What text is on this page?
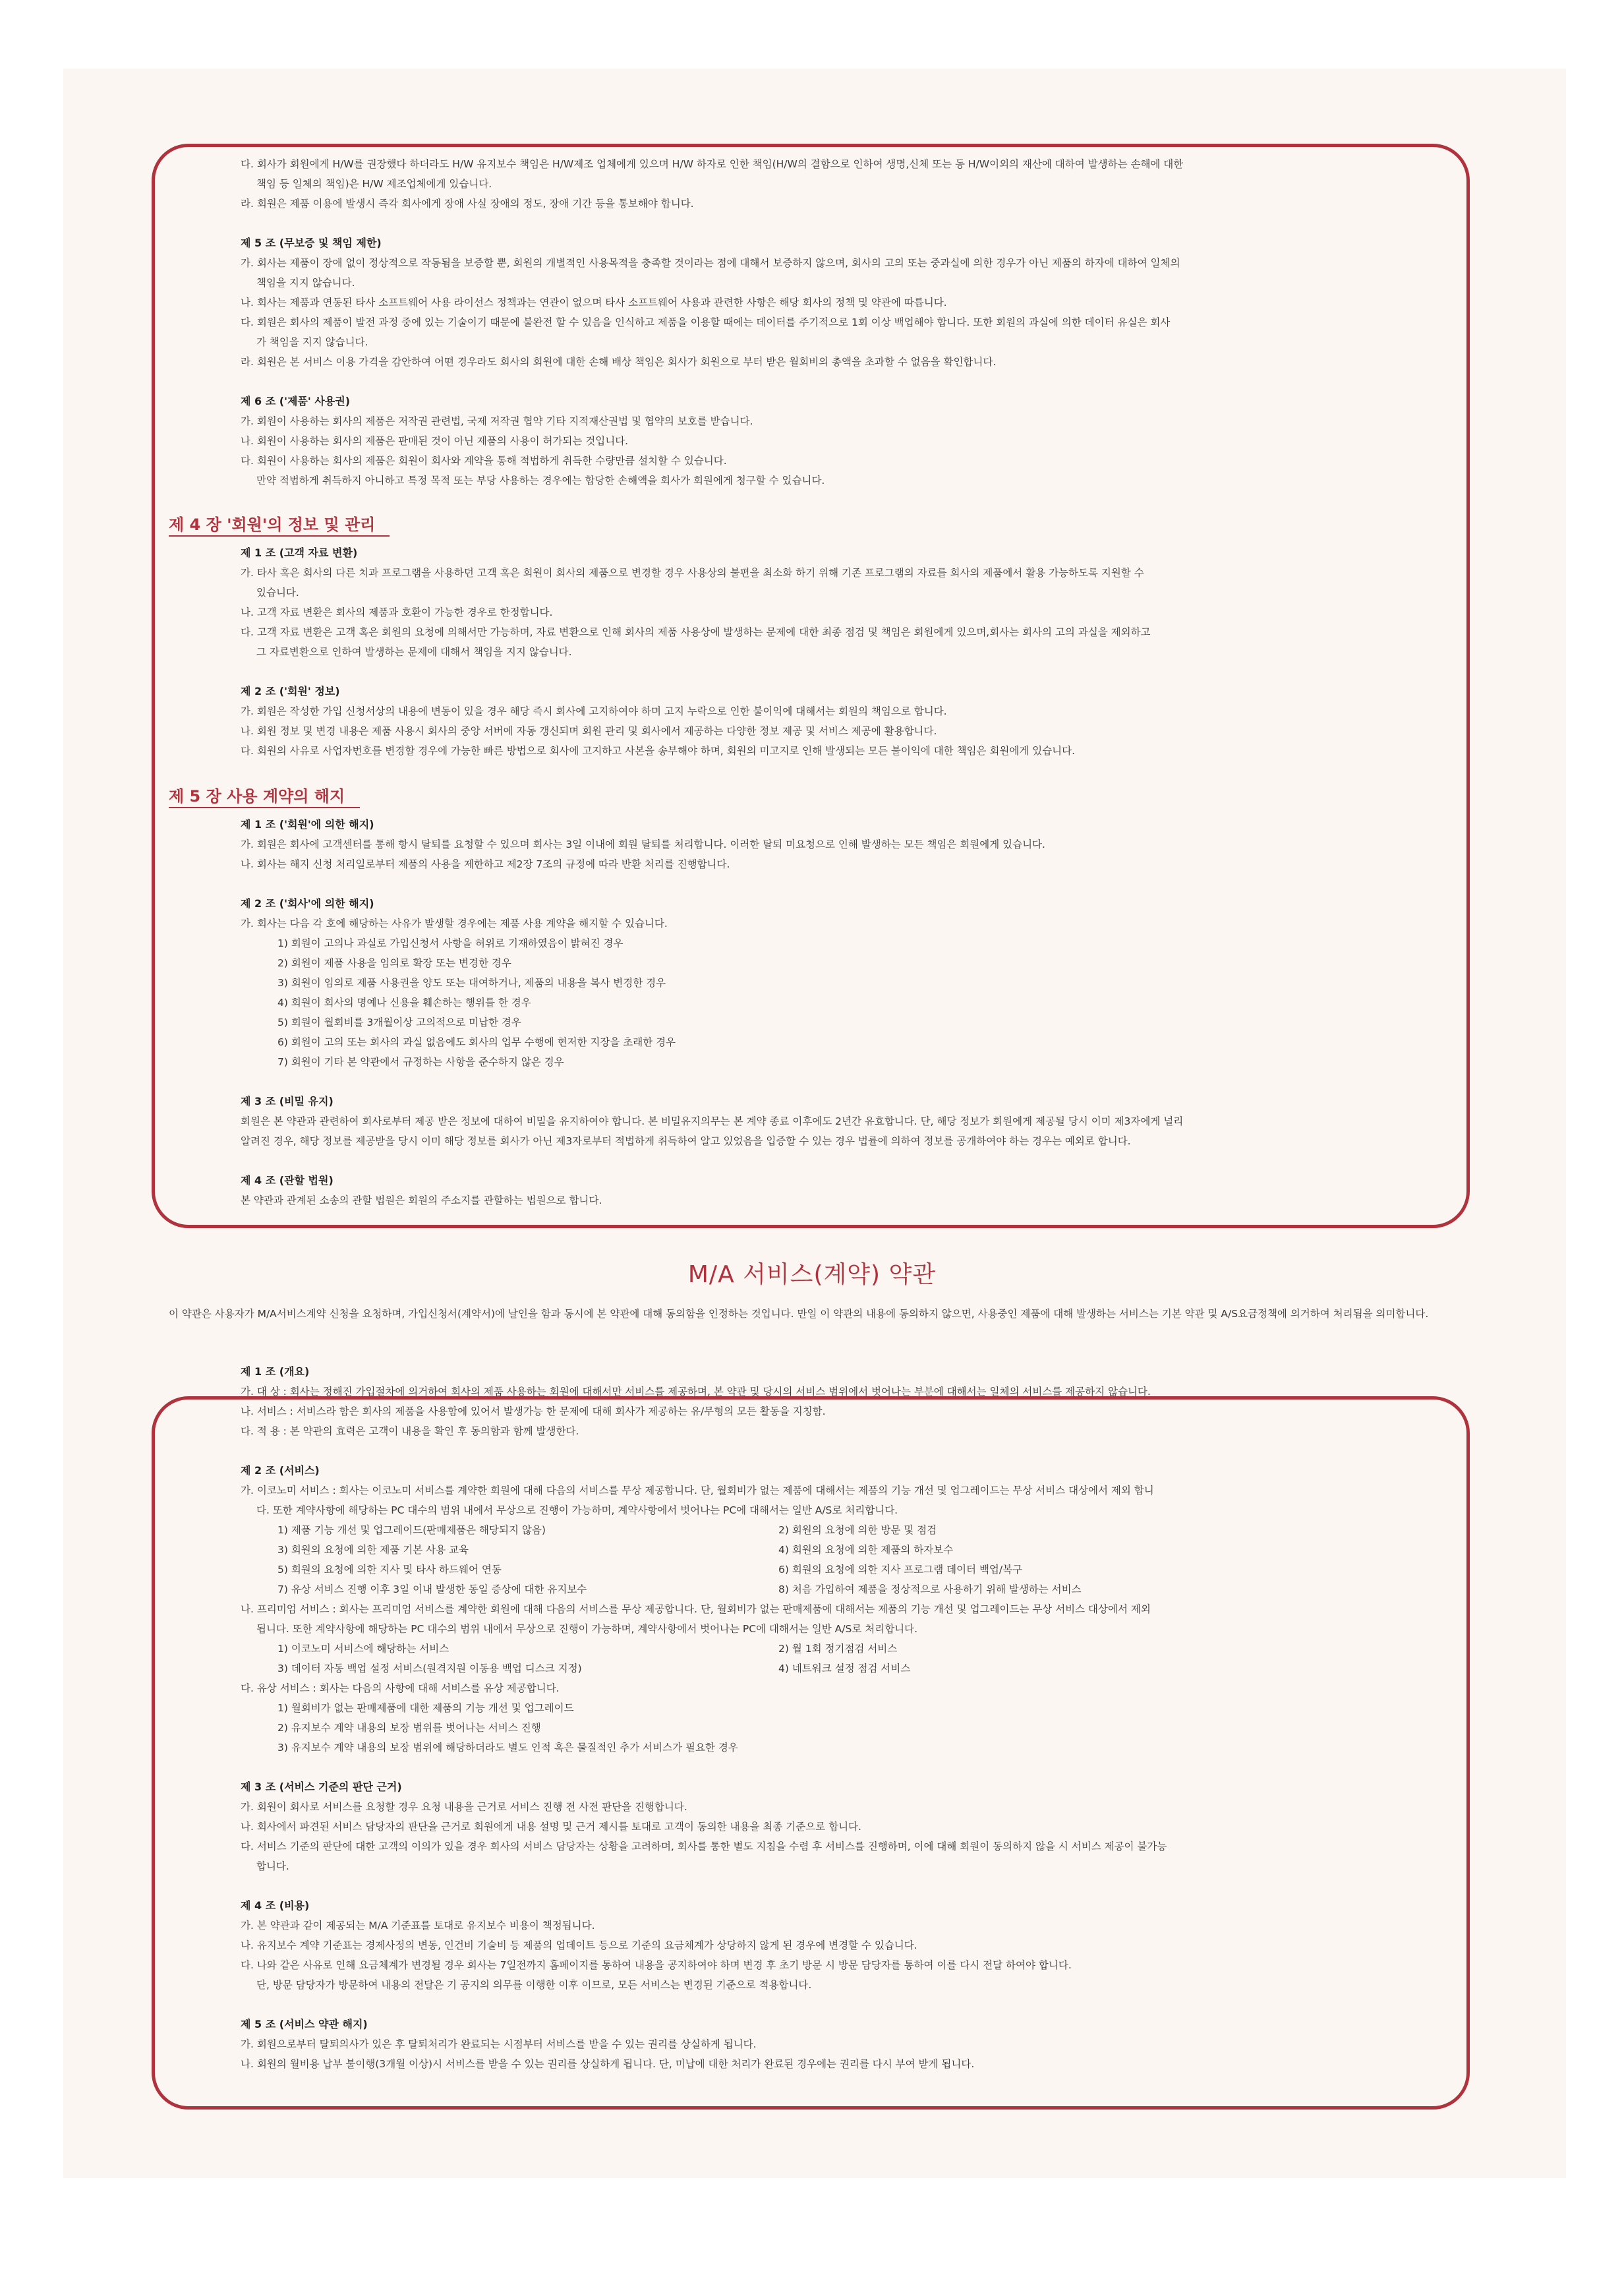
다. 회사가 회원에게 H/W를 권장했다 하더라도 H/W 유지보수 책임은 H/W제조 업체에게 있으며 H/W 하자로 인한 책임(H/W의 결함으로 인하여 생명,신체 또는 동 H/W이외의 재산에 대하여 발생하는 손해에 대한

책임 등 일체의 책임)은 H/W 제조업체에게 있습니다.

라. 회원은 제품 이용에 발생시 즉각 회사에게 장애 사실 장애의 정도, 장애 기간 등을 통보해야 합니다.

제 5 조 (무보증 및 책임 제한)

가. 회사는 제품이 장애 없이 정상적으로 작동됨을 보증할 뿐, 회원의 개별적인 사용목적을 충족할 것이라는 점에 대해서 보증하지 않으며, 회사의 고의 또는 중과실에 의한 경우가 아닌 제품의 하자에 대하여 일체의

책임을 지지 않습니다.

나. 회사는 제품과 연동된 타사 소프트웨어 사용 라이선스 정책과는 연관이 없으며 타사 소프트웨어 사용과 관련한 사항은 해당 회사의 정책 및 약관에 따릅니다.

다. 회원은 회사의 제품이 발전 과정 중에 있는 기술이기 때문에 불완전 할 수 있음을 인식하고 제품을 이용할 때에는 데이터를 주기적으로 1회 이상 백업해야 합니다. 또한 회원의 과실에 의한 데이터 유실은 회사

가 책임을 지지 않습니다.

라. 회원은 본 서비스 이용 가격을 감안하여 어떤 경우라도 회사의 회원에 대한 손해 배상 책임은 회사가 회원으로 부터 받은 월회비의 총액을 초과할 수 없음을 확인합니다.

제 6 조 ('제품' 사용권)

가. 회원이 사용하는 회사의 제품은 저작권 관련법, 국제 저작권 협약 기타 지적재산권법 및 협약의 보호를 받습니다.

나. 회원이 사용하는 회사의 제품은 판매된 것이 아닌 제품의 사용이 허가되는 것입니다.

다. 회원이 사용하는 회사의 제품은 회원이 회사와 계약을 통해 적법하게 취득한 수량만큼 설치할 수 있습니다.

만약 적법하게 취득하지 아니하고 특정 목적 또는 부당 사용하는 경우에는 합당한 손해액을 회사가 회원에게 청구할 수 있습니다.

제 4 장 '회원'의 정보 및 관리

제 1 조 (고객 자료 변환)

가. 타사 혹은 회사의 다른 치과 프로그램을 사용하던 고객 혹은 회원이 회사의 제품으로 변경할 경우 사용상의 불편을 최소화 하기 위해 기존 프로그램의 자료를 회사의 제품에서 활용 가능하도록 지원할 수

있습니다.

나. 고객 자료 변환은 회사의 제품과 호환이 가능한 경우로 한정합니다.

다. 고객 자료 변환은 고객 혹은 회원의 요청에 의해서만 가능하며, 자료 변환으로 인해 회사의 제품 사용상에 발생하는 문제에 대한 최종 점검 및 책임은 회원에게 있으며,회사는 회사의 고의 과실을 제외하고

그 자료변환으로 인하여 발생하는 문제에 대해서 책임을 지지 않습니다.

제 2 조 ('회원' 정보)

가. 회원은 작성한 가입 신청서상의 내용에 변동이 있을 경우 해당 즉시 회사에 고지하여야 하며 고지 누락으로 인한 불이익에 대해서는 회원의 책임으로 합니다.

나. 회원 정보 및 변경 내용은 제품 사용시 회사의 중앙 서버에 자동 갱신되며 회원 관리 및 회사에서 제공하는 다양한 정보 제공 및 서비스 제공에 활용합니다.

다. 회원의 사유로 사업자번호를 변경할 경우에 가능한 빠른 방법으로 회사에 고지하고 사본을 송부해야 하며, 회원의 미고지로 인해 발생되는 모든 불이익에 대한 책임은 회원에게 있습니다.

제 5 장 사용 계약의 해지

제 1 조 ('회원'에 의한 해지)

가. 회원은 회사에 고객센터를 통해 항시 탈퇴를 요청할 수 있으며 회사는 3일 이내에 회원 탈퇴를 처리합니다. 이러한 탈퇴 미요청으로 인해 발생하는 모든 책임은 회원에게 있습니다.

나. 회사는 해지 신청 처리일로부터 제품의 사용을 제한하고 제2장 7조의 규정에 따라 반환 처리를 진행합니다.

제 2 조 ('회사'에 의한 해지)

가. 회사는 다음 각 호에 해당하는 사유가 발생할 경우에는 제품 사용 계약을 해지할 수 있습니다.

1) 회원이 고의나 과실로 가입신청서 사항을 허위로 기재하였음이 밝혀진 경우

2) 회원이 제품 사용을 임의로 확장 또는 변경한 경우

3) 회원이 임의로 제품 사용권을 양도 또는 대여하거나, 제품의 내용을 복사 변경한 경우

4) 회원이 회사의 명예나 신용을 훼손하는 행위를 한 경우

5) 회원이 월회비를 3개월이상 고의적으로 미납한 경우

6) 회원이 고의 또는 회사의 과실 없음에도 회사의 업무 수행에 현저한 지장을 초래한 경우

7) 회원이 기타 본 약관에서 규정하는 사항을 준수하지 않은 경우

제 3 조 (비밀 유지)

회원은 본 약관과 관련하여 회사로부터 제공 받은 정보에 대하여 비밀을 유지하여야 합니다. 본 비밀유지의무는 본 계약 종료 이후에도 2년간 유효합니다. 단, 해당 정보가 회원에게 제공될 당시 이미 제3자에게 널리

알려진 경우, 해당 정보를 제공받을 당시 이미 해당 정보를 회사가 아닌 제3자로부터 적법하게 취득하여 알고 있었음을 입증할 수 있는 경우 법률에 의하여 정보를 공개하여야 하는 경우는 예외로 합니다.

제 4 조 (관할 법원)

본 약관과 관계된 소송의 관할 법원은 회원의 주소지를 관할하는 법원으로 합니다.

M/A 서비스(계약) 약관
이 약관은 사용자가 M/A서비스계약 신청을 요청하며, 가입신청서(계약서)에 날인을 함과 동시에 본 약관에 대해 동의함을 인정하는 것입니다. 만일 이 약관의 내용에 동의하지 않으면, 사용중인 제품에 대해 발생하는 서비스는 기본 약관 및 A/S요금정책에 의거하여 처리됨을 의미합니다.

제 1 조 (개요)

가. 대 상 : 회사는 정해진 가입절차에 의거하여 회사의 제품 사용하는 회원에 대해서만 서비스를 제공하며, 본 약관 및 당시의 서비스 범위에서 벗어나는 부분에 대해서는 일체의 서비스를 제공하지 않습니다.

나. 서비스 : 서비스라 함은 회사의 제품을 사용함에 있어서 발생가능 한 문제에 대해 회사가 제공하는 유/무형의 모든 활동을 지칭함.

다. 적 용 : 본 약관의 효력은 고객이 내용을 확인 후 동의함과 함께 발생한다.

제 2 조 (서비스)

가. 이코노미 서비스 : 회사는 이코노미 서비스를 계약한 회원에 대해 다음의 서비스를 무상 제공합니다. 단, 월회비가 없는 제품에 대해서는 제품의 기능 개선 및 업그레이드는 무상 서비스 대상에서 제외 합니

다. 또한 계약사항에 해당하는 PC 대수의 범위 내에서 무상으로 진행이 가능하며, 계약사항에서 벗어나는 PC에 대해서는 일반 A/S로 처리합니다.

1) 제품 기능 개선 및 업그레이드(판매제품은 해당되지 않음)	2) 회원의 요청에 의한 방문 및 점검
3) 회원의 요청에 의한 제품 기본 사용 교육	4) 회원의 요청에 의한 제품의 하자보수
5) 회원의 요청에 의한 지사 및 타사 하드웨어 연동	6) 회원의 요청에 의한 지사 프로그램 데이터 백업/복구
7) 유상 서비스 진행 이후 3일 이내 발생한 동일 증상에 대한 유지보수	8) 처음 가입하여 제품을 정상적으로 사용하기 위해 발생하는 서비스

나. 프리미엄 서비스 : 회사는 프리미엄 서비스를 계약한 회원에 대해 다음의 서비스를 무상 제공합니다. 단, 월회비가 없는 판매제품에 대해서는 제품의 기능 개선 및 업그레이드는 무상 서비스 대상에서 제외

됩니다. 또한 계약사항에 해당하는 PC 대수의 범위 내에서 무상으로 진행이 가능하며, 계약사항에서 벗어나는 PC에 대해서는 일반 A/S로 처리합니다.

1) 이코노미 서비스에 해당하는 서비스	2) 월 1회 정기점검 서비스
3) 데이터 자동 백업 설정 서비스(원격지원 이동용 백업 디스크 지정)	4) 네트워크 설정 점검 서비스

다. 유상 서비스 : 회사는 다음의 사항에 대해 서비스를 유상 제공합니다.

1) 월회비가 없는 판매제품에 대한 제품의 기능 개선 및 업그레이드

2) 유지보수 계약 내용의 보장 범위를 벗어나는 서비스 진행

3) 유지보수 계약 내용의 보장 범위에 해당하더라도 별도 인적 혹은 물질적인 추가 서비스가 필요한 경우

제 3 조 (서비스 기준의 판단 근거)

가. 회원이 회사로 서비스를 요청할 경우 요청 내용을 근거로 서비스 진행 전 사전 판단을 진행합니다.

나. 회사에서 파견된 서비스 담당자의 판단을 근거로 회원에게 내용 설명 및 근거 제시를 토대로 고객이 동의한 내용을 최종 기준으로 합니다.

다. 서비스 기준의 판단에 대한 고객의 이의가 있을 경우 회사의 서비스 담당자는 상황을 고려하며, 회사를 통한 별도 지침을 수렴 후 서비스를 진행하며, 이에 대해 회원이 동의하지 않을 시 서비스 제공이 불가능

합니다.

제 4 조 (비용)

가. 본 약관과 같이 제공되는 M/A 기준표를 토대로 유지보수 비용이 책정됩니다.

나. 유지보수 계약 기준표는 경제사정의 변동, 인건비 기술비 등 제품의 업데이트 등으로 기준의 요금체계가 상당하지 않게 된 경우에 변경할 수 있습니다.

다. 나와 같은 사유로 인해 요금체계가 변경될 경우 회사는 7일전까지 홈페이지를 통하여 내용을 공지하여야 하며 변경 후 초기 방문 시 방문 담당자를 통하여 이를 다시 전달 하여야 합니다.

단, 방문 담당자가 방문하여 내용의 전달은 기 공지의 의무를 이행한 이후 이므로, 모든 서비스는 변경된 기준으로 적용합니다.

제 5 조 (서비스 약관 해지)

가. 회원으로부터 탈퇴의사가 있은 후 탈퇴처리가 완료되는 시점부터 서비스를 받을 수 있는 권리를 상실하게 됩니다.

나. 회원의 월비용 납부 불이행(3개월 이상)시 서비스를 받을 수 있는 권리를 상실하게 됩니다. 단, 미납에 대한 처리가 완료된 경우에는 권리를 다시 부여 받게 됩니다.
